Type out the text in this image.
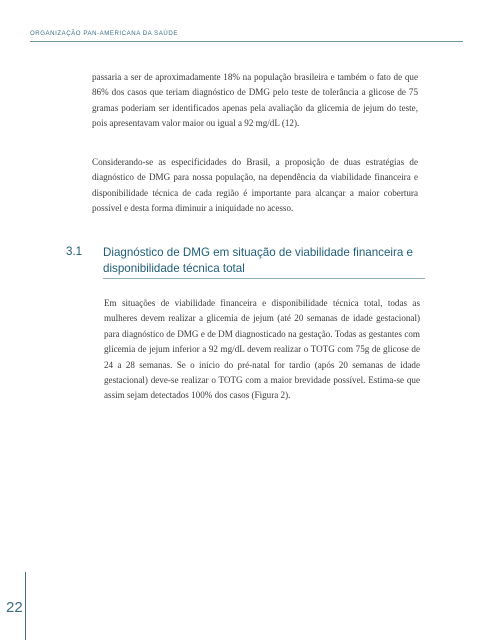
ORGANIZAÇÃO PAN-AMERICANA DA SAÚDE

passaria a ser de aproximadamente 18% na população brasileira e também o fato de que 86% dos casos que teriam diagnóstico de DMG pelo teste de tolerância a glicose de 75 gramas poderiam ser identificados apenas pela avaliação da glicemia de jejum do teste, pois apresentavam valor maior ou igual a 92 mg/dL (12).

Considerando-se as especificidades do Brasil, a proposição de duas estratégias de diagnóstico de DMG para nossa população, na dependência da viabilidade financeira e disponibilidade técnica de cada região é importante para alcançar a maior cobertura possível e desta forma diminuir a iniquidade no acesso.

3.1 Diagnóstico de DMG em situação de viabilidade financeira e disponibilidade técnica total

Em situações de viabilidade financeira e disponibilidade técnica total, todas as mulheres devem realizar a glicemia de jejum (até 20 semanas de idade gestacional) para diagnóstico de DMG e de DM diagnosticado na gestação. Todas as gestantes com glicemia de jejum inferior a 92 mg/dL devem realizar o TOTG com 75g de glicose de 24 a 28 semanas. Se o início do pré-natal for tardio (após 20 semanas de idade gestacional) deve-se realizar o TOTG com a maior brevidade possível. Estima-se que assim sejam detectados 100% dos casos (Figura 2).

22
